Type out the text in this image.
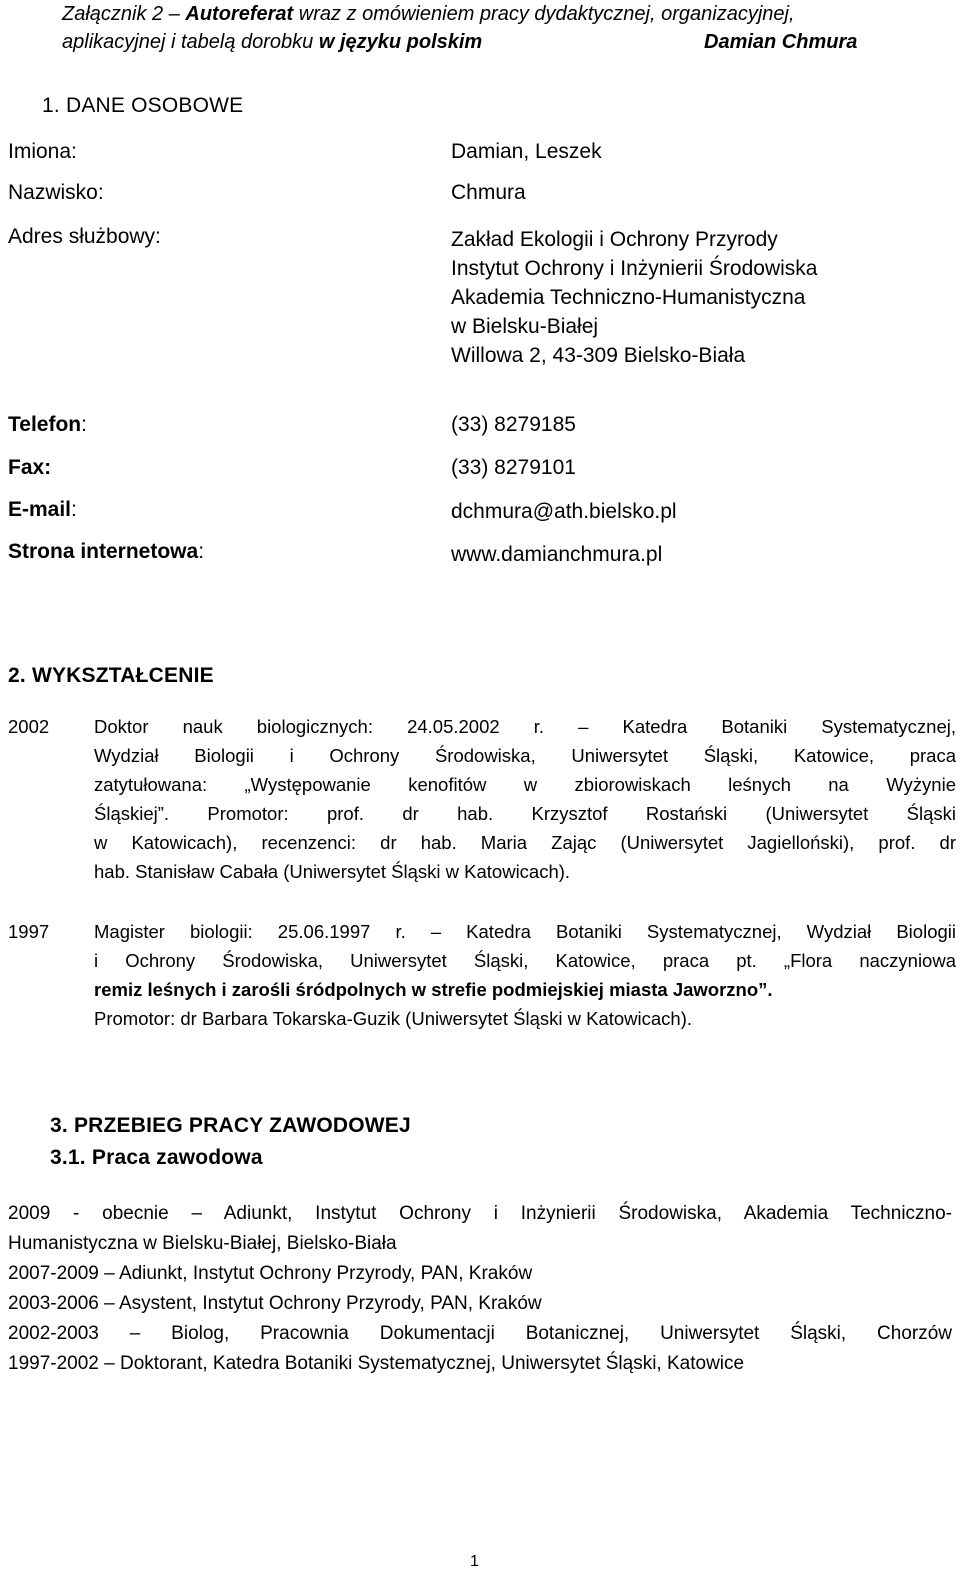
Załącznik 2 – Autoreferat wraz z omówieniem pracy dydaktycznej, organizacyjnej,
aplikacyjnej i tabelą dorobku w języku polskim	Damian Chmura
1. DANE OSOBOWE
Imiona:	Damian, Leszek
Nazwisko:	Chmura
Adres służbowy:	Zakład Ekologii i Ochrony Przyrody
Instytut Ochrony i Inżynierii Środowiska
Akademia Techniczno-Humanistyczna
w Bielsku-Białej
Willowa 2, 43-309 Bielsko-Biała
Telefon:	(33) 8279185
Fax:	(33) 8279101
E-mail:	dchmura@ath.bielsko.pl
Strona internetowa:	www.damianchmura.pl
2. WYKSZTAŁCENIE
2002 Doktor nauk biologicznych: 24.05.2002 r. – Katedra Botaniki Systematycznej,
Wydział Biologii i Ochrony Środowiska, Uniwersytet Śląski, Katowice, praca
zatytułowana: „Występowanie kenofitów w zbiorowiskach leśnych na Wyżynie
Śląskiej”. Promotor: prof. dr hab. Krzysztof Rostański (Uniwersytet Śląski
w Katowicach), recenzenci: dr hab. Maria Zając (Uniwersytet Jagielloński), prof. dr
hab. Stanisław Cabała (Uniwersytet Śląski w Katowicach).
1997 Magister biologii: 25.06.1997 r. – Katedra Botaniki Systematycznej, Wydział Biologii
i Ochrony Środowiska, Uniwersytet Śląski, Katowice, praca pt. „Flora naczyniowa
remiz leśnych i zarośli śródpolnych w strefie podmiejskiej miasta Jaworzno”.
Promotor: dr Barbara Tokarska-Guzik (Uniwersytet Śląski w Katowicach).
3. PRZEBIEG PRACY ZAWODOWEJ
3.1. Praca zawodowa
2009 - obecnie – Adiunkt, Instytut Ochrony i Inżynierii Środowiska, Akademia Techniczno-
Humanistyczna w Bielsku-Białej, Bielsko-Biała
2007-2009 – Adiunkt, Instytut Ochrony Przyrody, PAN, Kraków
2003-2006 – Asystent, Instytut Ochrony Przyrody, PAN, Kraków
2002-2003 – Biolog, Pracownia Dokumentacji Botanicznej, Uniwersytet Śląski, Chorzów
1997-2002 – Doktorant, Katedra Botaniki Systematycznej, Uniwersytet Śląski, Katowice
1
